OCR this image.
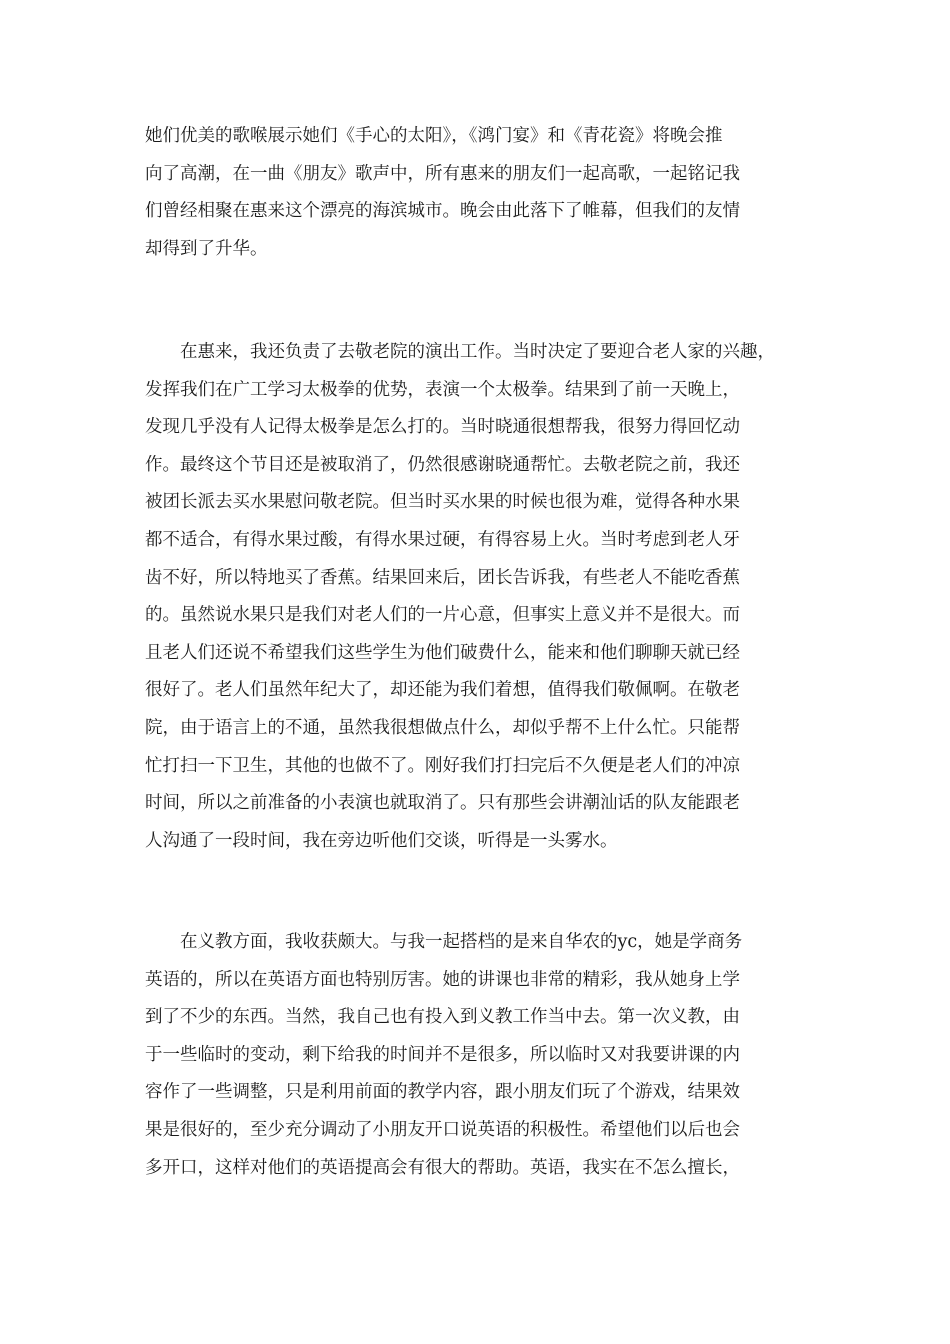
她们优美的歌喉展示她们《手心的太阳》，《鸿门宴》和《青花瓷》将晚会推
向了高潮，在一曲《朋友》歌声中，所有惠来的朋友们一起高歌，一起铭记我
们曾经相聚在惠来这个漂亮的海滨城市。晚会由此落下了帷幕，但我们的友情
却得到了升华。
　　在惠来，我还负责了去敬老院的演出工作。当时决定了要迎合老人家的兴趣，
发挥我们在广工学习太极拳的优势，表演一个太极拳。结果到了前一天晚上，
发现几乎没有人记得太极拳是怎么打的。当时晓通很想帮我，很努力得回忆动
作。最终这个节目还是被取消了，仍然很感谢晓通帮忙。去敬老院之前，我还
被团长派去买水果慰问敬老院。但当时买水果的时候也很为难，觉得各种水果
都不适合，有得水果过酸，有得水果过硬，有得容易上火。当时考虑到老人牙
齿不好，所以特地买了香蕉。结果回来后，团长告诉我，有些老人不能吃香蕉
的。虽然说水果只是我们对老人们的一片心意，但事实上意义并不是很大。而
且老人们还说不希望我们这些学生为他们破费什么，能来和他们聊聊天就已经
很好了。老人们虽然年纪大了，却还能为我们着想，值得我们敬佩啊。在敬老
院，由于语言上的不通，虽然我很想做点什么，却似乎帮不上什么忙。只能帮
忙打扫一下卫生，其他的也做不了。刚好我们打扫完后不久便是老人们的冲凉
时间，所以之前准备的小表演也就取消了。只有那些会讲潮汕话的队友能跟老
人沟通了一段时间，我在旁边听他们交谈，听得是一头雾水。
　　在义教方面，我收获颇大。与我一起搭档的是来自华农的yc，她是学商务
英语的，所以在英语方面也特别厉害。她的讲课也非常的精彩，我从她身上学
到了不少的东西。当然，我自己也有投入到义教工作当中去。第一次义教，由
于一些临时的变动，剩下给我的时间并不是很多，所以临时又对我要讲课的内
容作了一些调整，只是利用前面的教学内容，跟小朋友们玩了个游戏，结果效
果是很好的，至少充分调动了小朋友开口说英语的积极性。希望他们以后也会
多开口，这样对他们的英语提高会有很大的帮助。英语，我实在不怎么擅长，
